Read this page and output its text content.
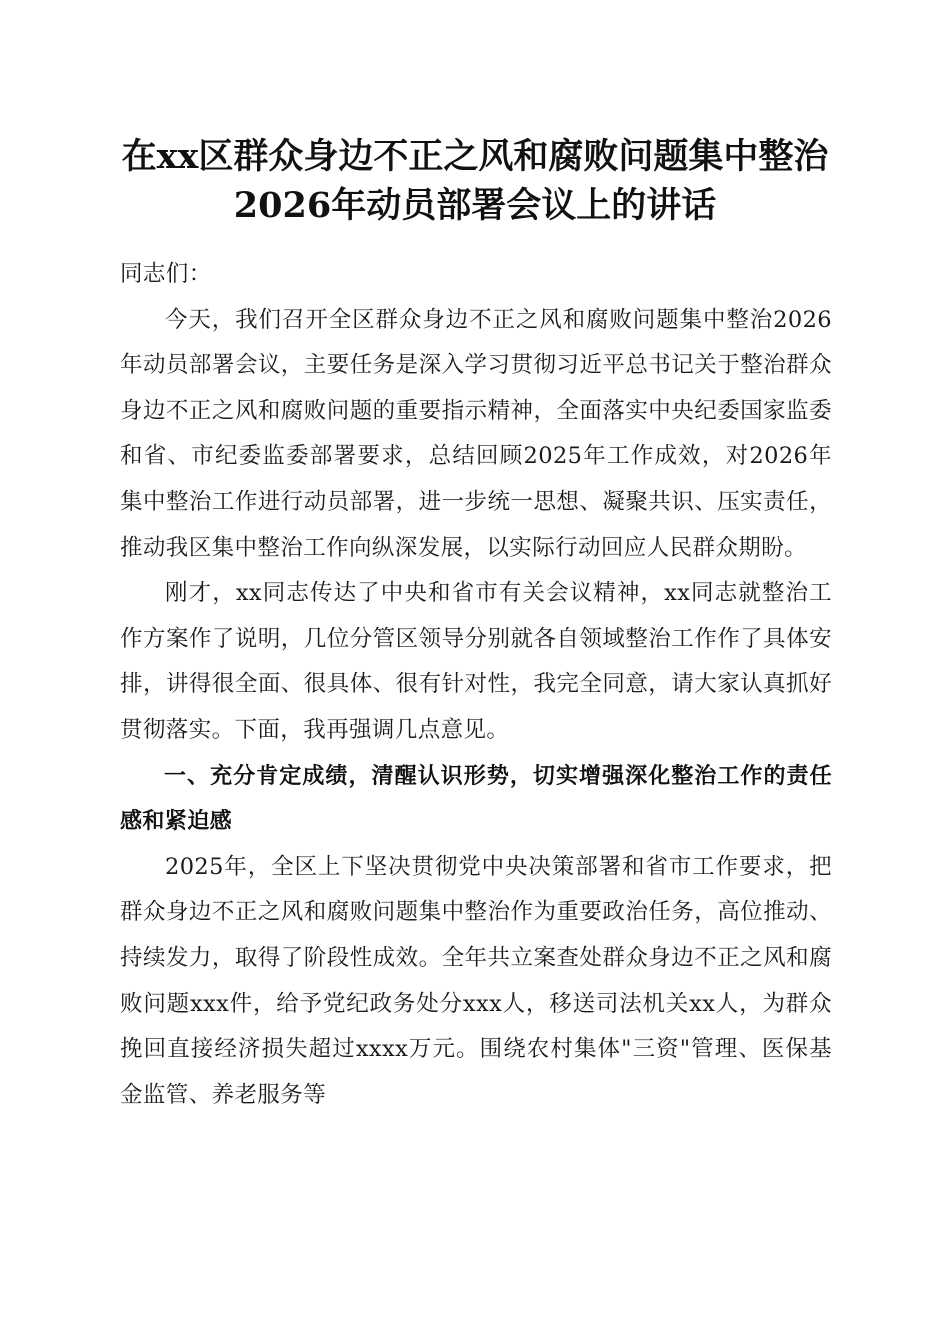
在xx区群众身边不正之风和腐败问题集中整治2026年动员部署会议上的讲话

同志们：

今天，我们召开全区群众身边不正之风和腐败问题集中整治2026年动员部署会议，主要任务是深入学习贯彻习近平总书记关于整治群众身边不正之风和腐败问题的重要指示精神，全面落实中央纪委国家监委和省、市纪委监委部署要求，总结回顾2025年工作成效，对2026年集中整治工作进行动员部署，进一步统一思想、凝聚共识、压实责任，推动我区集中整治工作向纵深发展，以实际行动回应人民群众期盼。

刚才，xx同志传达了中央和省市有关会议精神，xx同志就整治工作方案作了说明，几位分管区领导分别就各自领域整治工作作了具体安排，讲得很全面、很具体、很有针对性，我完全同意，请大家认真抓好贯彻落实。下面，我再强调几点意见。

一、充分肯定成绩，清醒认识形势，切实增强深化整治工作的责任感和紧迫感

2025年，全区上下坚决贯彻党中央决策部署和省市工作要求，把群众身边不正之风和腐败问题集中整治作为重要政治任务，高位推动、持续发力，取得了阶段性成效。全年共立案查处群众身边不正之风和腐败问题xxx件，给予党纪政务处分xxx人，移送司法机关xx人，为群众挽回直接经济损失超过xxxx万元。围绕农村集体"三资"管理、医保基金监管、养老服务等
